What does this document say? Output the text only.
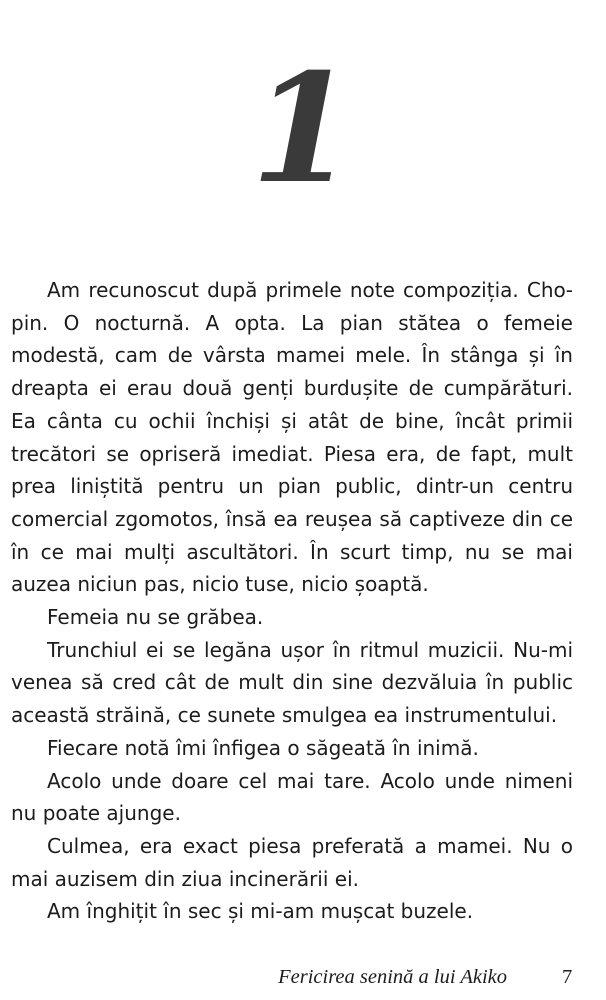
1

Am recunoscut după primele note compoziția. Chopin. O nocturnă. A opta. La pian stătea o femeie modestă, cam de vârsta mamei mele. În stânga și în dreapta ei erau două genți burdușite de cumpărături. Ea cânta cu ochii închiși și atât de bine, încât primii trecători se opriseră imediat. Piesa era, de fapt, mult prea liniștită pentru un pian public, dintr-un centru comercial zgomotos, însă ea reușea să captiveze din ce în ce mai mulți ascultători. În scurt timp, nu se mai auzea niciun pas, nicio tuse, nicio șoaptă.

Femeia nu se grăbea.

Trunchiul ei se legăna ușor în ritmul muzicii. Nu-mi venea să cred cât de mult din sine dezvăluia în public această străină, ce sunete smulgea ea instrumentului.

Fiecare notă îmi înfigea o săgeată în inimă.

Acolo unde doare cel mai tare. Acolo unde nimeni nu poate ajunge.

Culmea, era exact piesa preferată a mamei. Nu o mai auzisem din ziua incinerării ei.

Am înghițit în sec și mi-am mușcat buzele.

Fericirea senină a lui Akiko	7
